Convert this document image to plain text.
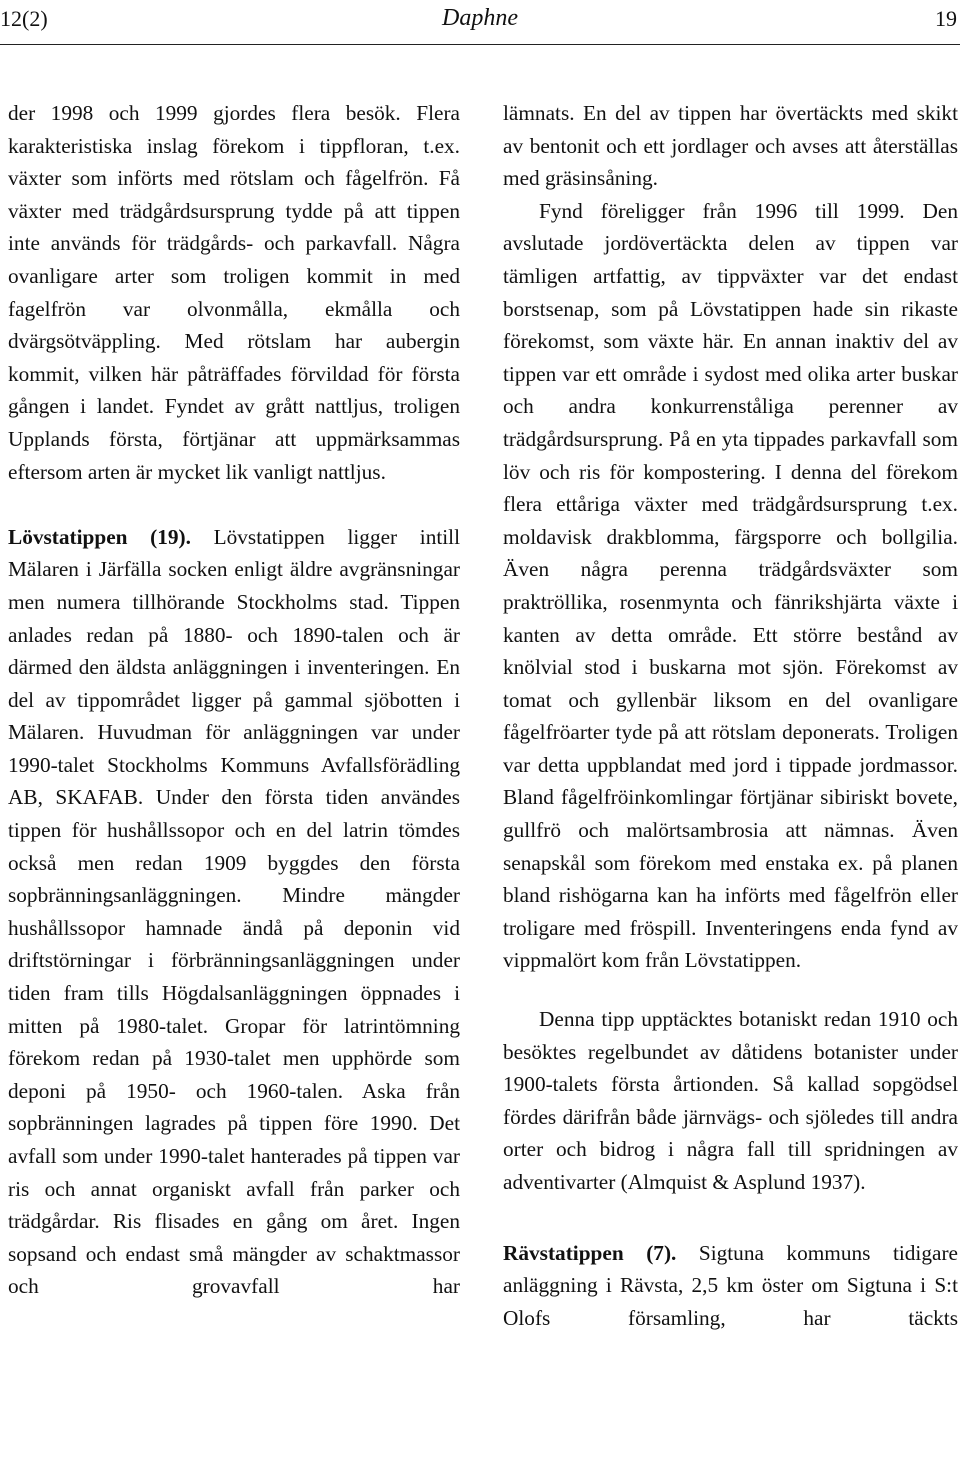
12(2)	Daphne	19

der 1998 och 1999 gjordes flera besök. Flera karakteristiska inslag förekom i tippfloran, t.ex. växter som införts med rötslam och fågelfrön. Få växter med trädgårdsursprung tydde på att tippen inte används för trädgårds- och parkavfall. Några ovanligare arter som troligen kommit in med fagelfrön var olvonmålla, ekmålla och dvärgsötväppling. Med rötslam har aubergin kommit, vilken här påträffades förvildad för första gången i landet. Fyndet av grått nattljus, troligen Upplands första, förtjänar att uppmärksammas eftersom arten är mycket lik vanligt nattljus.

Lövstatippen (19). Lövstatippen ligger intill Mälaren i Järfälla socken enligt äldre avgränsningar men numera tillhörande Stockholms stad. Tippen anlades redan på 1880- och 1890-talen och är därmed den äldsta anläggningen i inventeringen. En del av tippområdet ligger på gammal sjöbotten i Mälaren. Huvudman för anläggningen var under 1990-talet Stockholms Kommuns Avfallsförädling AB, SKAFAB. Under den första tiden användes tippen för hushållssopor och en del latrin tömdes också men redan 1909 byggdes den första sopbränningsanläggningen. Mindre mängder hushållssopor hamnade ändå på deponin vid driftstörningar i förbränningsanläggningen under tiden fram tills Högdalsanläggningen öppnades i mitten på 1980-talet. Gropar för latrintömning förekom redan på 1930-talet men upphörde som deponi på 1950- och 1960-talen. Aska från sopbränningen lagrades på tippen före 1990. Det avfall som under 1990-talet hanterades på tippen var ris och annat organiskt avfall från parker och trädgårdar. Ris flisades en gång om året. Ingen sopsand och endast små mängder av schaktmassor och grovavfall har

lämnats. En del av tippen har övertäckts med skikt av bentonit och ett jordlager och avses att återställas med gräsinsåning.

Fynd föreligger från 1996 till 1999. Den avslutade jordövertäckta delen av tippen var tämligen artfattig, av tippväxter var det endast borstsenap, som på Lövstatippen hade sin rikaste förekomst, som växte här. En annan inaktiv del av tippen var ett område i sydost med olika arter buskar och andra konkurrenståliga perenner av trädgårdsursprung. På en yta tippades parkavfall som löv och ris för kompostering. I denna del förekom flera ettåriga växter med trädgårdsursprung t.ex. moldavisk drakblomma, färgsporre och bollgilia. Även några perenna trädgårdsväxter som praktröllika, rosenmynta och fänrikshjärta växte i kanten av detta område. Ett större bestånd av knölvial stod i buskarna mot sjön. Förekomst av tomat och gyllenbär liksom en del ovanligare fågelfröarter tyde på att rötslam deponerats. Troligen var detta uppblandat med jord i tippade jordmassor. Bland fågelfröinkomlingar förtjänar sibiriskt bovete, gullfrö och malörtsambrosia att nämnas. Även senapskål som förekom med enstaka ex. på planen bland rishögarna kan ha införts med fågelfrön eller troligare med fröspill. Inventeringens enda fynd av vippmalört kom från Lövstatippen.

Denna tipp upptäcktes botaniskt redan 1910 och besöktes regelbundet av dåtidens botanister under 1900-talets första årtionden. Så kallad sopgödsel fördes därifrån både järnvägs- och sjöledes till andra orter och bidrog i några fall till spridningen av adventivarter (Almquist & Asplund 1937).

Rävstatippen (7). Sigtuna kommuns tidigare anläggning i Rävsta, 2,5 km öster om Sigtuna i S:t Olofs församling, har täckts
